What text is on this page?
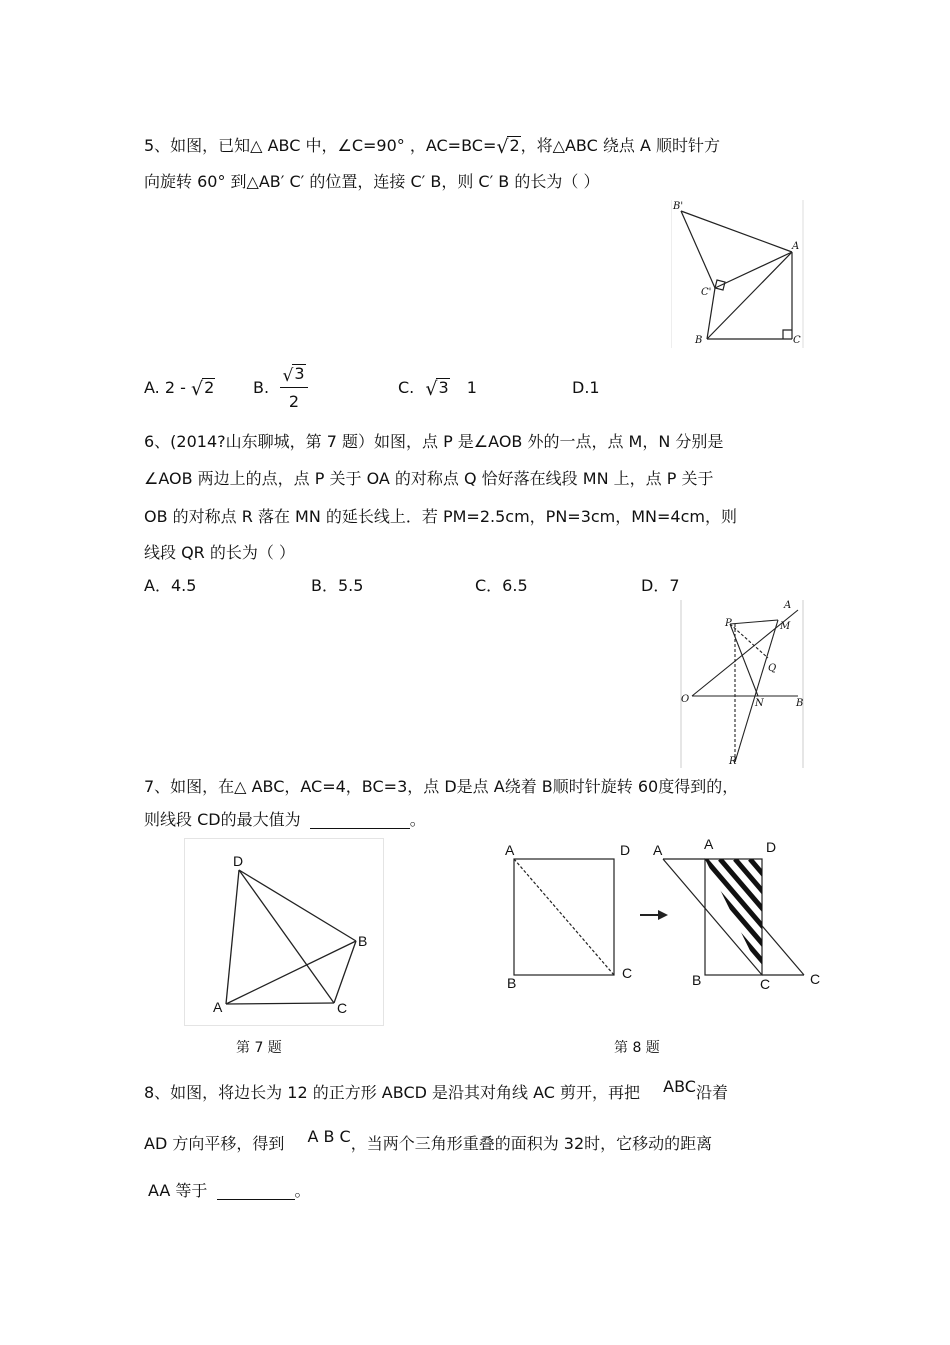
5、如图，已知△ ABC 中，∠C=90° ，AC=BC=√2，将△ABC 绕点 A 顺时针方
向旋转 60° 到△AB′ C′ 的位置，连接 C′ B，则 C′ B 的长为（ ）
B'
A
C'
B	C
A. 2 - √2 B. $\frac{√3}{2}$	C. √3 1	D.1
6、(2014?山东聊城，第 7 题）如图，点 P 是∠AOB 外的一点，点 M，N 分别是
∠AOB 两边上的点，点 P 关于 OA 的对称点 Q 恰好落在线段 MN 上，点 P 关于
OB 的对称点 R 落在 MN 的延长线上．若 PM=2.5cm，PN=3cm，MN=4cm，则
线段 QR 的长为（ ）
A．4.5	B．5.5	C．6.5	D．7
A
P	M
Q
O	N	B
R
7、如图，在△ ABC，AC=4，BC=3，点 D是点 A绕着 B顺时针旋转 60度得到的，
则线段 CD的最大值为	。
D
B
A	C
第 7 题
A	D
B
C
A	A	D
B	C	C
第 8 题
8、如图，将边长为 12 的正方形 ABCD 是沿其对角线 AC 剪开，再把 ABC沿着
AD 方向平移，得到 A B C，当两个三角形重叠的面积为 32时，它移动的距离
AA 等于	。
